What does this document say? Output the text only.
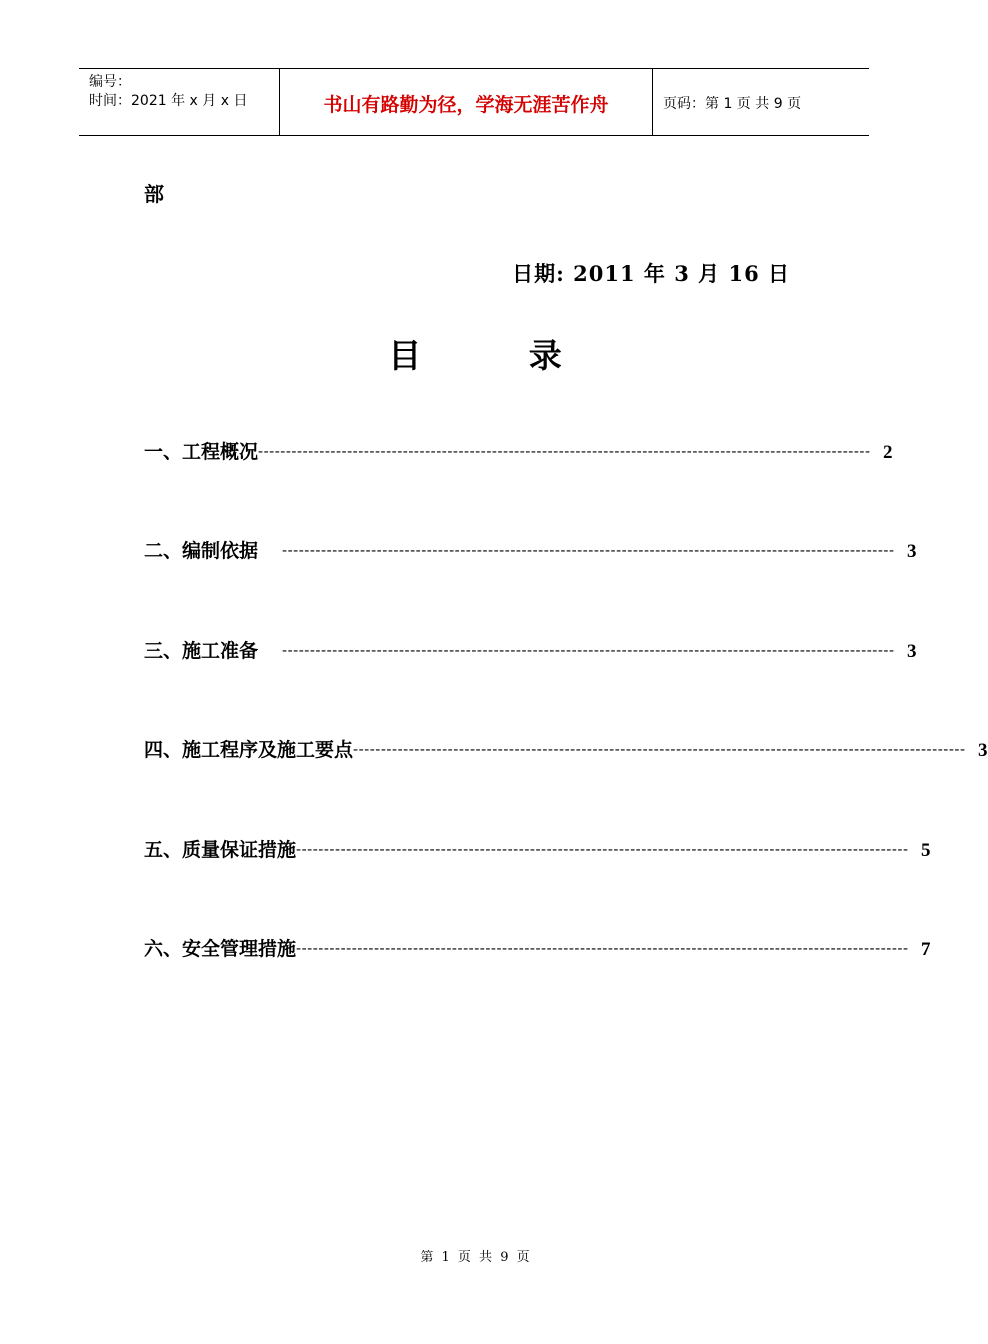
编号：
时间：2021 年 x 月 x 日	书山有路勤为径，学海无涯苦作舟	页码：第 1 页 共 9 页
部
日期: 2011 年 3 月 16 日
目 录
一、工程概况 -------------------------------------------------------------------------------------------------------------- 2
二、编制依据	-------------------------------------------------------------------------------------------------------------- 3
三、施工准备	-------------------------------------------------------------------------------------------------------------- 3
四、施工程序及施工要点 -------------------------------------------------------------------------------------------------------------- 3
五、质量保证措施 -------------------------------------------------------------------------------------------------------------- 5
六、安全管理措施 -------------------------------------------------------------------------------------------------------------- 7
第 1 页 共 9 页
